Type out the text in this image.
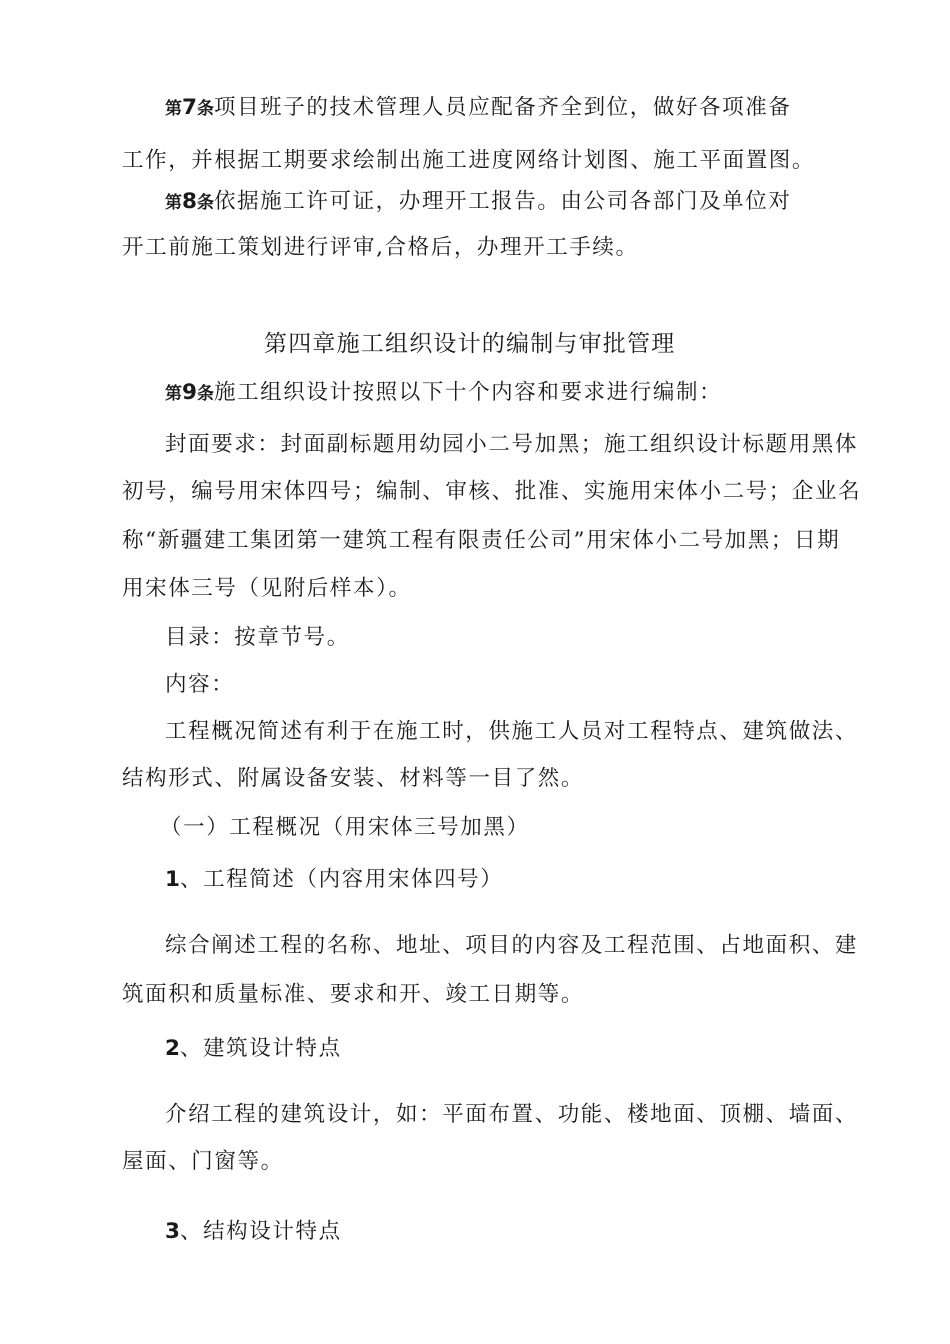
第7条项目班子的技术管理人员应配备齐全到位，做好各项准备
工作，并根据工期要求绘制出施工进度网络计划图、施工平面置图。
第8条依据施工许可证，办理开工报告。由公司各部门及单位对
开工前施工策划进行评审,合格后，办理开工手续。
第四章施工组织设计的编制与审批管理
第9条施工组织设计按照以下十个内容和要求进行编制：
封面要求：封面副标题用幼园小二号加黑；施工组织设计标题用黑体
初号，编号用宋体四号；编制、审核、批准、实施用宋体小二号；企业名
称“新疆建工集团第一建筑工程有限责任公司”用宋体小二号加黑；日期
用宋体三号（见附后样本）。
目录：按章节号。
内容：
工程概况简述有利于在施工时，供施工人员对工程特点、建筑做法、
结构形式、附属设备安装、材料等一目了然。
（一）工程概况（用宋体三号加黑）
1、工程简述（内容用宋体四号）
综合阐述工程的名称、地址、项目的内容及工程范围、占地面积、建
筑面积和质量标准、要求和开、竣工日期等。
2、建筑设计特点
介绍工程的建筑设计，如：平面布置、功能、楼地面、顶棚、墙面、
屋面、门窗等。
3、结构设计特点
